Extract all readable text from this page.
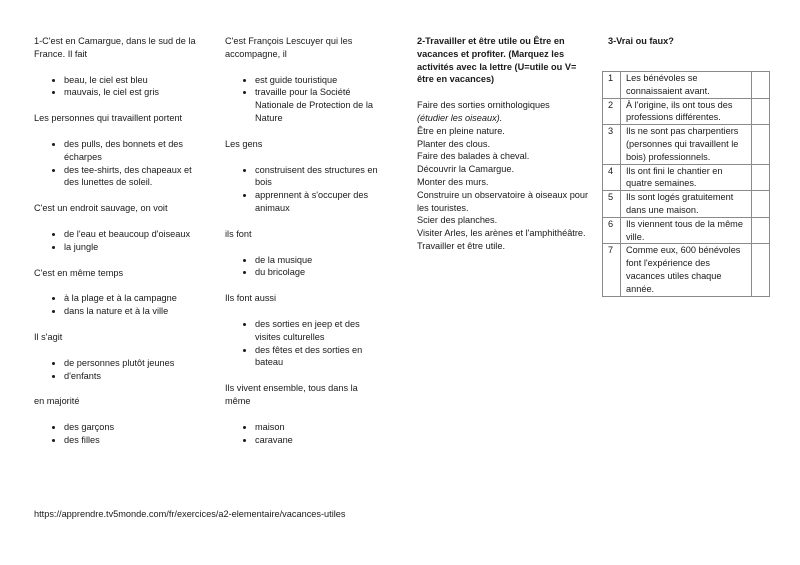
1-C'est en Camargue, dans le sud de la France. Il fait

beau, le ciel est bleu
mauvais, le ciel est gris

Les personnes qui travaillent portent

des pulls, des bonnets et des écharpes
des tee-shirts, des chapeaux et des lunettes de soleil.

C'est un endroit sauvage, on voit

de l'eau et beaucoup d'oiseaux
la jungle

C'est en même temps

à la plage et à la campagne
dans la nature et à la ville

Il s'agit

de personnes plutôt jeunes
d'enfants

en majorité

des garçons
des filles

C'est François Lescuyer qui les accompagne, il

est guide touristique
travaille pour la Société Nationale de Protection de la Nature

Les gens

construisent des structures en bois
apprennent à s'occuper des animaux

ils font

de la musique
du bricolage

Ils font aussi

des sorties en jeep et des visites culturelles
des fêtes et des sorties en bateau

Ils vivent ensemble, tous dans la même

maison
caravane

2-Travailler et être utile ou Être en vacances et profiter. (Marquez les activités avec la lettre (U=utile ou V= être en vacances)

Faire des sorties ornithologiques
(étudier les oiseaux).

Être en pleine nature.

Planter des clous.

Faire des balades à cheval.

Découvrir la Camargue.

Monter des murs.

Construire un observatoire à oiseaux pour les touristes.

Scier des planches.

Visiter Arles, les arènes et l'amphithéâtre.

Travailler et être utile.

3-Vrai ou faux?

1	Les bénévoles se connaissaient avant.	
2	À l'origine, ils ont tous des professions différentes.	
3	Ils ne sont pas charpentiers (personnes qui travaillent le bois) professionnels.	
4	Ils ont fini le chantier en quatre semaines.	
5	Ils sont logés gratuitement dans une maison.	
6	Ils viennent tous de la même ville.	
7	Comme eux, 600 bénévoles font l'expérience des vacances utiles chaque année.	

https://apprendre.tv5monde.com/fr/exercices/a2-elementaire/vacances-utiles
